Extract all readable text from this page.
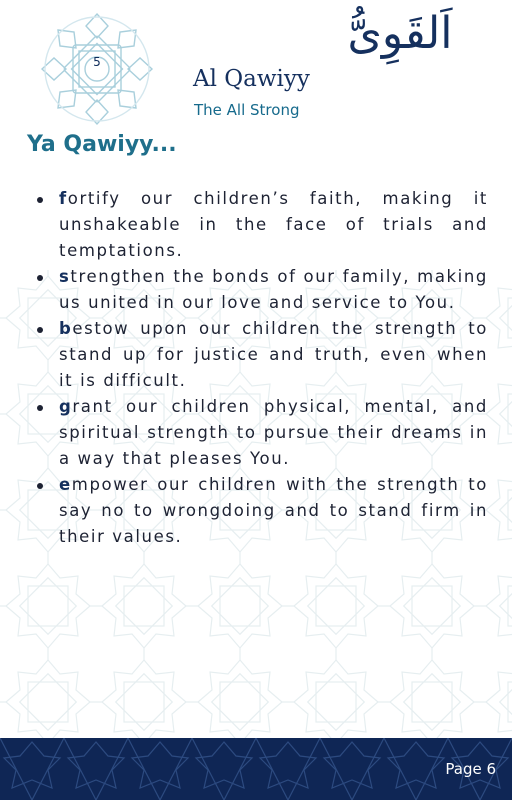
5
اَلقَوِىُّ
Al Qawiyy
The All Strong
Ya Qawiyy...
fortify our children’s faith, making it unshakeable in the face of trials and temptations.
strengthen the bonds of our family, making us united in our love and service to You.
bestow upon our children the strength to stand up for justice and truth, even when it is difficult.
grant our children physical, mental, and spiritual strength to pursue their dreams in a way that pleases You.
empower our children with the strength to say no to wrongdoing and to stand firm in their values.
Page 6
